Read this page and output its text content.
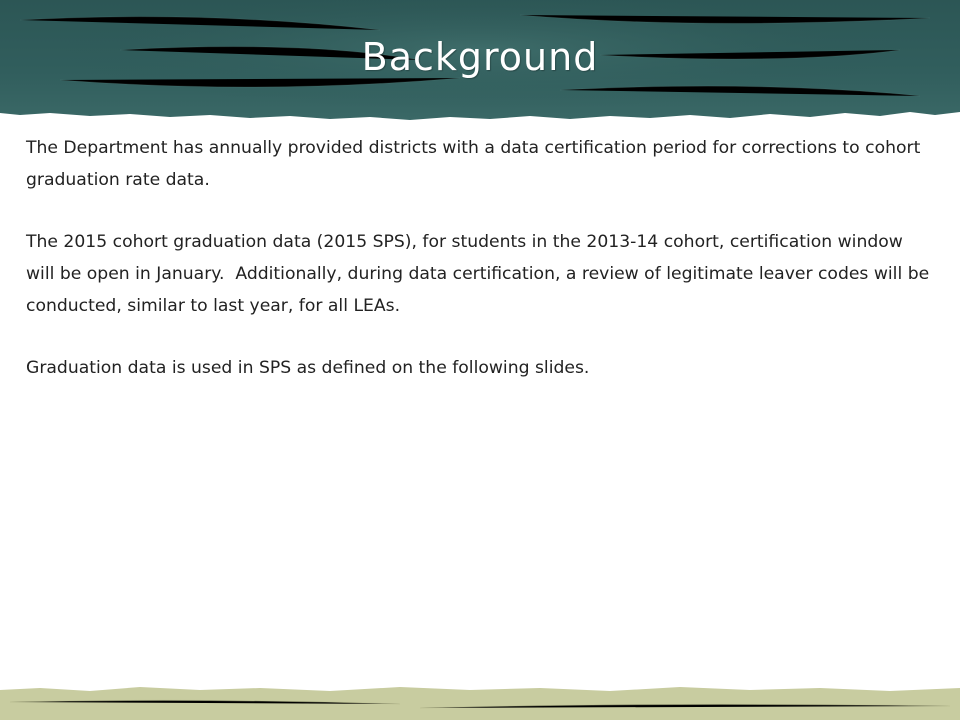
Background

The Department has annually provided districts with a data certification period for corrections to cohort graduation rate data.

The 2015 cohort graduation data (2015 SPS), for students in the 2013-14 cohort, certification window will be open in January.  Additionally, during data certification, a review of legitimate leaver codes will be conducted, similar to last year, for all LEAs.

Graduation data is used in SPS as defined on the following slides.
